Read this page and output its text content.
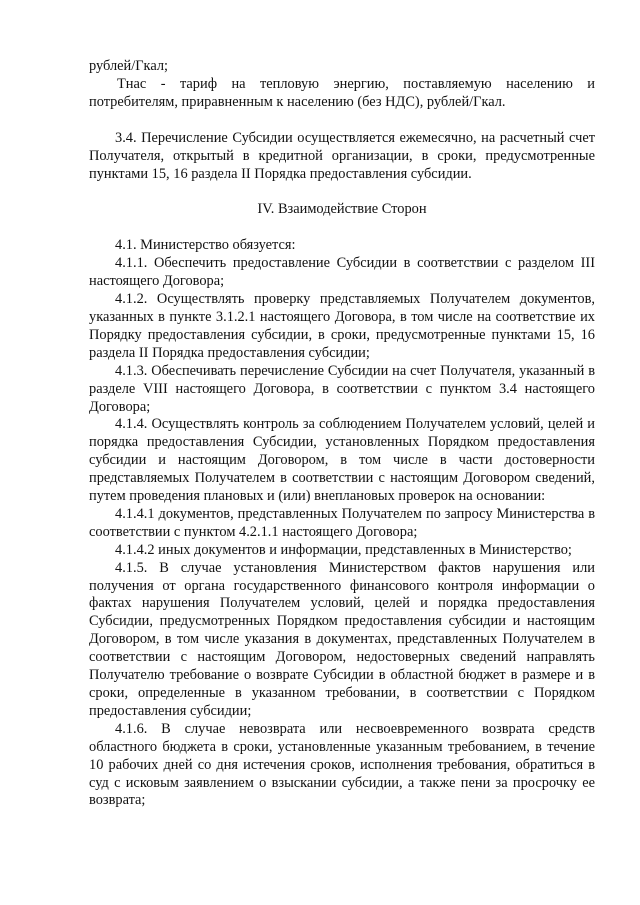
рублей/Гкал;

Tнас - тариф на тепловую энергию, поставляемую населению и потребителям, приравненным к населению (без НДС), рублей/Гкал.

3.4. Перечисление Субсидии осуществляется ежемесячно, на расчетный счет Получателя, открытый в кредитной организации, в сроки, предусмотренные пунктами 15, 16 раздела II Порядка предоставления субсидии.

IV. Взаимодействие Сторон

4.1. Министерство обязуется:

4.1.1. Обеспечить предоставление Субсидии в соответствии с разделом III настоящего Договора;

4.1.2. Осуществлять проверку представляемых Получателем документов, указанных в пункте 3.1.2.1 настоящего Договора, в том числе на соответствие их Порядку предоставления субсидии, в сроки, предусмотренные пунктами 15, 16 раздела II Порядка предоставления субсидии;

4.1.3. Обеспечивать перечисление Субсидии на счет Получателя, указанный в разделе VIII настоящего Договора, в соответствии с пунктом 3.4 настоящего Договора;

4.1.4. Осуществлять контроль за соблюдением Получателем условий, целей и порядка предоставления Субсидии, установленных Порядком предоставления субсидии и настоящим Договором, в том числе в части достоверности представляемых Получателем в соответствии с настоящим Договором сведений, путем проведения плановых и (или) внеплановых проверок на основании:

4.1.4.1 документов, представленных Получателем по запросу Министерства в соответствии с пунктом 4.2.1.1 настоящего Договора;

4.1.4.2 иных документов и информации, представленных в Министерство;

4.1.5. В случае установления Министерством фактов нарушения или получения от органа государственного финансового контроля информации о фактах нарушения Получателем условий, целей и порядка предоставления Субсидии, предусмотренных Порядком предоставления субсидии и настоящим Договором, в том числе указания в документах, представленных Получателем в соответствии с настоящим Договором, недостоверных сведений направлять Получателю требование о возврате Субсидии в областной бюджет в размере и в сроки, определенные в указанном требовании, в соответствии с Порядком предоставления субсидии;

4.1.6. В случае невозврата или несвоевременного возврата средств областного бюджета в сроки, установленные указанным требованием, в течение 10 рабочих дней со дня истечения сроков, исполнения требования, обратиться в суд с исковым заявлением о взыскании субсидии, а также пени за просрочку ее возврата;
